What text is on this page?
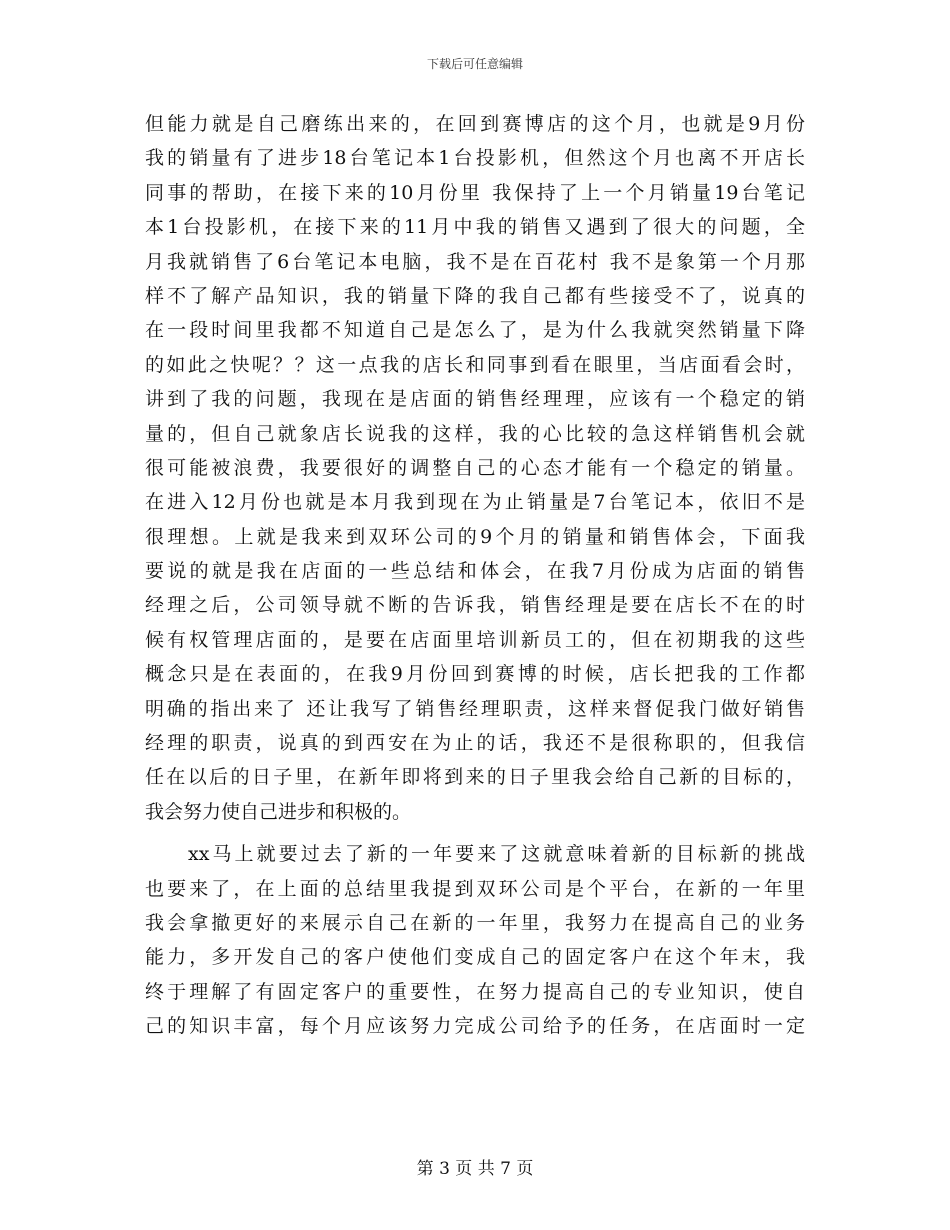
下载后可任意编辑
但能力就是自己磨练出来的，在回到赛博店的这个月，也就是9月份
我的销量有了进步18台笔记本1台投影机，但然这个月也离不开店长
同事的帮助，在接下来的10月份里 我保持了上一个月销量19台笔记
本1台投影机，在接下来的11月中我的销售又遇到了很大的问题，全
月我就销售了6台笔记本电脑，我不是在百花村 我不是象第一个月那
样不了解产品知识，我的销量下降的我自己都有些接受不了，说真的
在一段时间里我都不知道自己是怎么了，是为什么我就突然销量下降
的如此之快呢？？这一点我的店长和同事到看在眼里，当店面看会时，
讲到了我的问题，我现在是店面的销售经理理，应该有一个稳定的销
量的，但自己就象店长说我的这样，我的心比较的急这样销售机会就
很可能被浪费，我要很好的调整自己的心态才能有一个稳定的销量。
在进入12月份也就是本月我到现在为止销量是7台笔记本，依旧不是
很理想。上就是我来到双环公司的9个月的销量和销售体会，下面我
要说的就是我在店面的一些总结和体会，在我7月份成为店面的销售
经理之后，公司领导就不断的告诉我，销售经理是要在店长不在的时
候有权管理店面的，是要在店面里培训新员工的，但在初期我的这些
概念只是在表面的，在我9月份回到赛博的时候，店长把我的工作都
明确的指出来了 还让我写了销售经理职责，这样来督促我门做好销售
经理的职责，说真的到西安在为止的话，我还不是很称职的，但我信
任在以后的日子里，在新年即将到来的日子里我会给自己新的目标的，
我会努力使自己进步和积极的。
xx马上就要过去了新的一年要来了这就意味着新的目标新的挑战
也要来了，在上面的总结里我提到双环公司是个平台，在新的一年里
我会拿撤更好的来展示自己在新的一年里，我努力在提高自己的业务
能力，多开发自己的客户使他们变成自己的固定客户在这个年末，我
终于理解了有固定客户的重要性，在努力提高自己的专业知识，使自
己的知识丰富，每个月应该努力完成公司给予的任务，在店面时一定
第 3 页 共 7 页
